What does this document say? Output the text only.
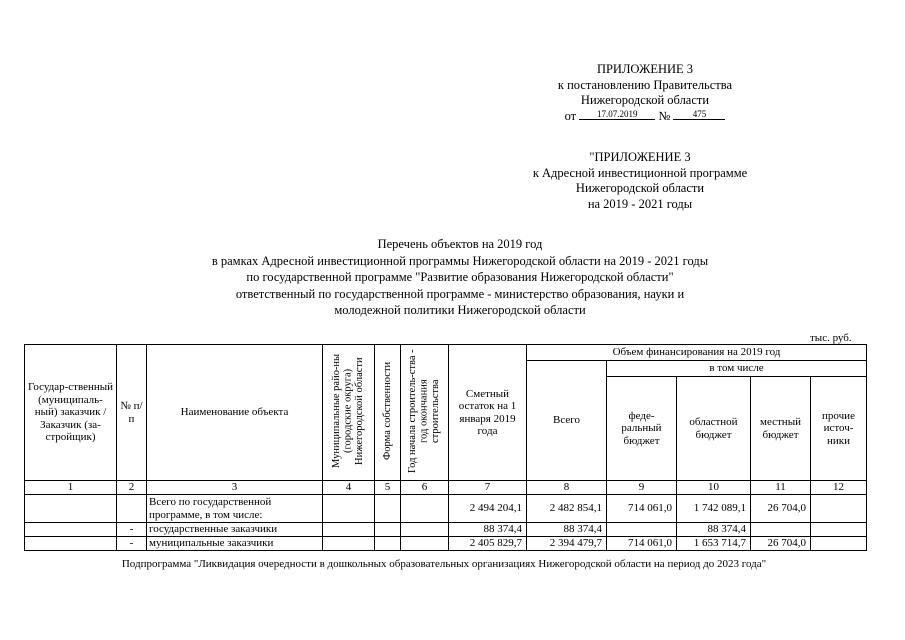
ПРИЛОЖЕНИЕ 3
к постановлению Правительства
Нижегородской области
от 17.07.2019 № 475
"ПРИЛОЖЕНИЕ 3
к Адресной инвестиционной программе
Нижегородской области
на 2019 - 2021 годы
Перечень объектов на 2019 год
в рамках Адресной инвестиционной программы Нижегородской области на 2019 - 2021 годы
по государственной программе "Развитие образования Нижегородской области"
ответственный по государственной программе - министерство образования, науки и
молодежной политики Нижегородской области
тыс. руб.
Государ-ственный (муниципаль-ный) заказчик /Заказчик (за-стройщик)	№ п/п	Наименование объекта	Муниципальные райо-ны (городские округа) Нижегородской области	Форма собственности	Год начала строитель-ства - год окончания строительства	Сметный остаток на 1 января 2019 года	Объем финансирования на 2019 год				
							Всего	в том числе			
								феде-ральный бюджет	областной бюджет	местный бюджет	прочие источ-ники
1	2	3	4	5	6	7	8	9	10	11	12
		Всего по государственной программе, в том числе:				2 494 204,1	2 482 854,1	714 061,0	1 742 089,1	26 704,0	
	-	государственные заказчики				88 374,4	88 374,4		88 374,4		
	-	муниципальные заказчики				2 405 829,7	2 394 479,7	714 061,0	1 653 714,7	26 704,0	
Подпрограмма "Ликвидация очередности в дошкольных образовательных организациях Нижегородской области на период до 2023 года"
